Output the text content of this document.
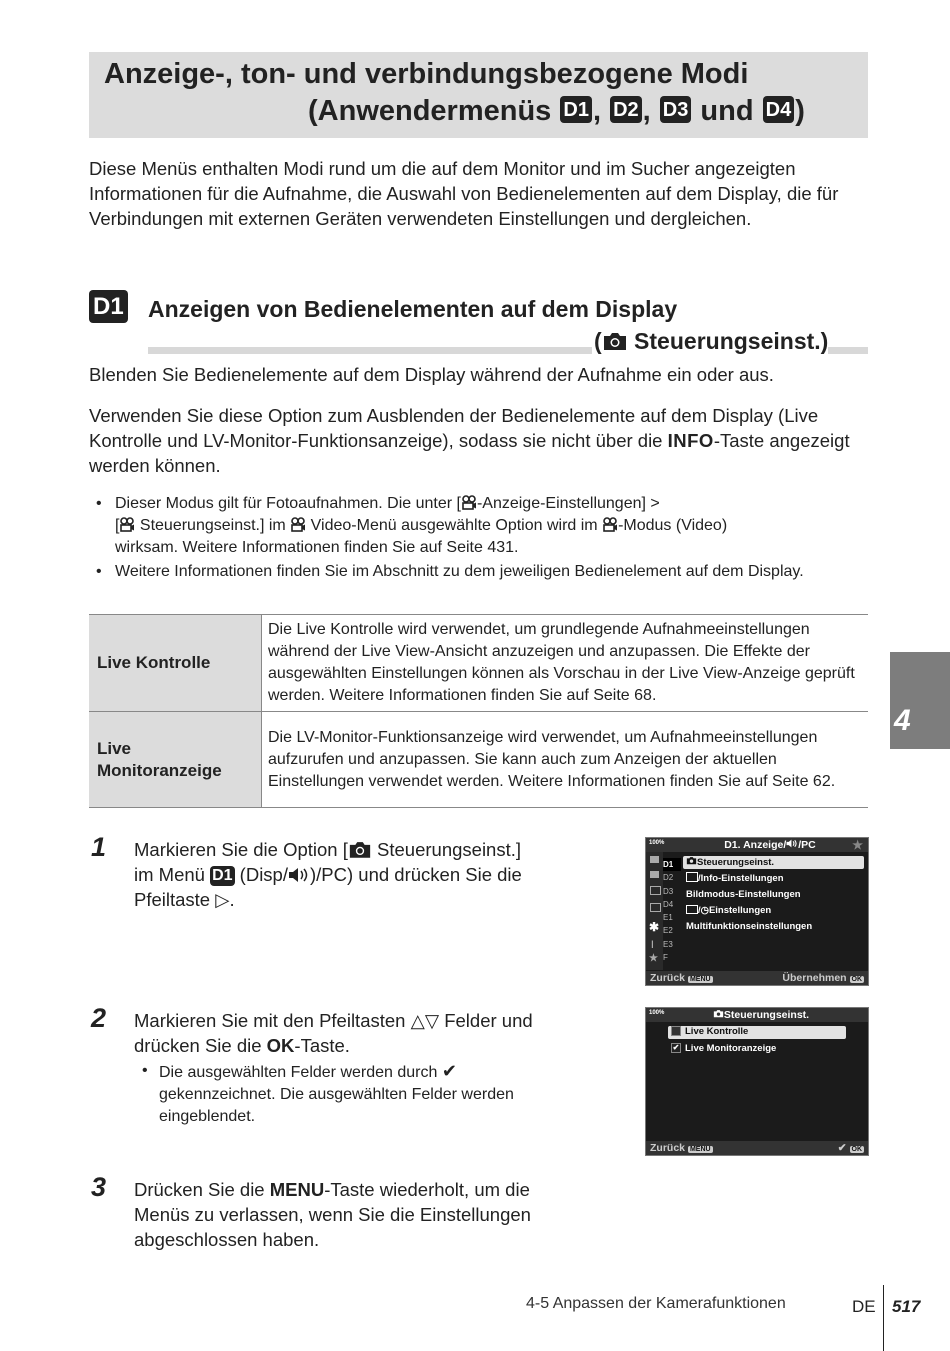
Anzeige-, ton- und verbindungsbezogene Modi
(Anwendermenüs D1 , D2 , D3 und D4 )
Diese Menüs enthalten Modi rund um die auf dem Monitor und im Sucher angezeigten Informationen für die Aufnahme, die Auswahl von Bedienelementen auf dem Display, die für Verbindungen mit externen Geräten verwendeten Einstellungen und dergleichen.
D1 Anzeigen von Bedienelementen auf dem Display
( Steuerungseinst.)
Blenden Sie Bedienelemente auf dem Display während der Aufnahme ein oder aus.
Verwenden Sie diese Option zum Ausblenden der Bedienelemente auf dem Display (Live Kontrolle und LV-Monitor-Funktionsanzeige), sodass sie nicht über die INFO-Taste angezeigt werden können.
• Dieser Modus gilt für Fotoaufnahmen. Die unter [ -Anzeige-Einstellungen] >
[ Steuerungseinst.] im  Video-Menü ausgewählte Option wird im -Modus (Video)
wirksam. Weitere Informationen finden Sie auf Seite 431.
• Weitere Informationen finden Sie im Abschnitt zu dem jeweiligen Bedienelement auf dem Display.
Live Kontrolle	Die Live Kontrolle wird verwendet, um grundlegende Aufnahmeeinstellungen während der Live View-Ansicht anzuzeigen und anzupassen. Die Effekte der ausgewählten Einstellungen können als Vorschau in der Live View-Anzeige geprüft werden. Weitere Informationen finden Sie auf Seite 68.
Live
Monitoranzeige	Die LV-Monitor-Funktionsanzeige wird verwendet, um Aufnahmeeinstellungen aufzurufen und anzupassen. Sie kann auch zum Anzeigen der aktuellen Einstellungen verwendet werden. Weitere Informationen finden Sie auf Seite 62.
1 Markieren Sie die Option [ Steuerungseinst.]
im Menü D1 (Disp/ )/PC) und drücken Sie die
Pfeiltaste ▷.
100%	D1. Anzeige/ /PC	★
✱
ǀ
★
D1
D2
D3
D4
E1
E2
E3
F
Steuerungseinst.
/Info-Einstellungen
Bildmodus-Einstellungen
/◷Einstellungen
Multifunktionseinstellungen
Zurück MENU	Übernehmen OK
2 Markieren Sie mit den Pfeiltasten △▽ Felder und
drücken Sie die OK-Taste.
• Die ausgewählten Felder werden durch ✔
gekennzeichnet. Die ausgewählten Felder werden
eingeblendet.
100%	Steuerungseinst.
Live Kontrolle
✔ Live Monitoranzeige
Zurück MENU	✔ OK
3 Drücken Sie die MENU-Taste wiederholt, um die
Menüs zu verlassen, wenn Sie die Einstellungen
abgeschlossen haben.
4
4-5 Anpassen der Kamerafunktionen	DE 517
